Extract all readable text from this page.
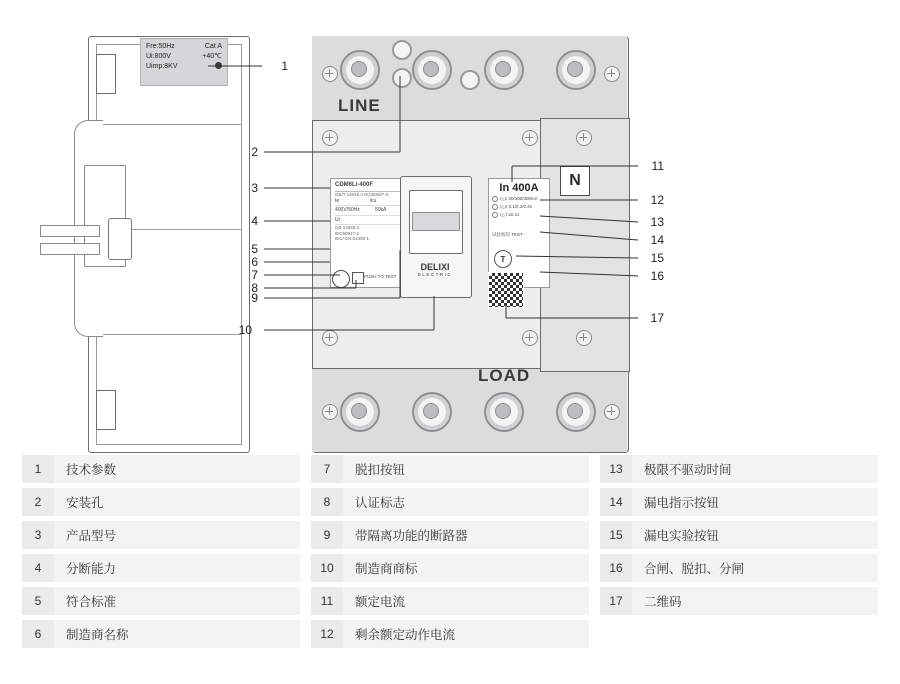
Fre:50Hz	Cat A
Ui:800V	+40℃
Uimp:8KV
LINE
LOAD
CDM6Li-400F
GB/T 14048.2 IEC60947-2
Ie	Icu
400V/50Hz	50kA
Ui
GB 14048.2
IEC60947-2
IEC/ EN 61009-1
PUSH TO TEST
DELIXI
ELECTRIC
In 400A
I△n 30/100/300mA
t△n 0.1/0.2/0.4s
I△ t ≤0.1s
试验按钮 TEST
T
N
1
2
3
4
5
6
7
8
9
10
11
12
13
14
15
16
17
1	技术参数	7	脱扣按钮	13	极限不驱动时间
2	安装孔	8	认证标志	14	漏电指示按钮
3	产品型号	9	带隔离功能的断路器	15	漏电实验按钮
4	分断能力	10	制造商商标	16	合闸、脱扣、分闸
5	符合标准	11	额定电流	17	二维码
6	制造商名称	12	剩余额定动作电流
